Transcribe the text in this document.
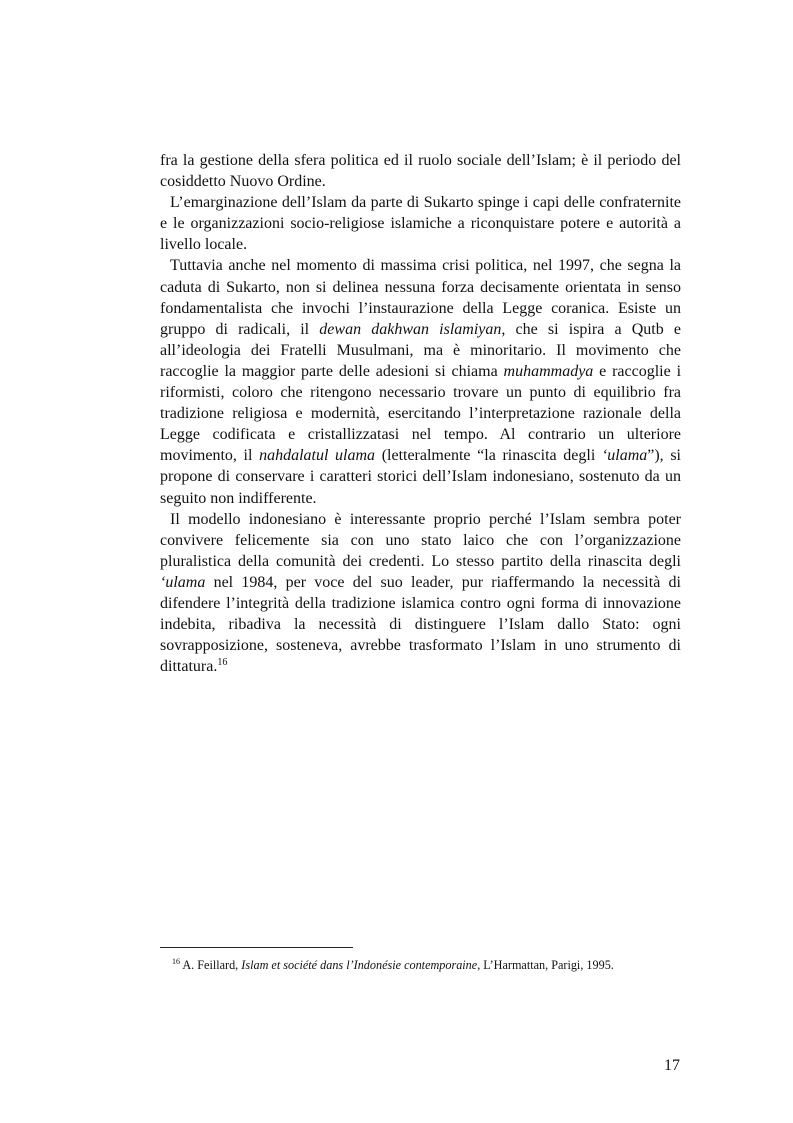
fra la gestione della sfera politica ed il ruolo sociale dell’Islam; è il periodo del cosiddetto Nuovo Ordine.

L’emarginazione dell’Islam da parte di Sukarto spinge i capi delle confraternite e le organizzazioni socio-religiose islamiche a riconquistare potere e autorità a livello locale.

Tuttavia anche nel momento di massima crisi politica, nel 1997, che segna la caduta di Sukarto, non si delinea nessuna forza decisamente orientata in senso fondamentalista che invochi l’instaurazione della Legge coranica. Esiste un gruppo di radicali, il dewan dakhwan islamiyan, che si ispira a Qutb e all’ideologia dei Fratelli Musulmani, ma è minoritario. Il movimento che raccoglie la maggior parte delle adesioni si chiama muhammadya e raccoglie i riformisti, coloro che ritengono necessario trovare un punto di equilibrio fra tradizione religiosa e modernità, esercitando l’interpretazione razionale della Legge codificata e cristallizzatasi nel tempo. Al contrario un ulteriore movimento, il nahdalatul ulama (letteralmente “la rinascita degli ‘ulama”), si propone di conservare i caratteri storici dell’Islam indonesiano, sostenuto da un seguito non indifferente.

Il modello indonesiano è interessante proprio perché l’Islam sembra poter convivere felicemente sia con uno stato laico che con l’organizzazione pluralistica della comunità dei credenti. Lo stesso partito della rinascita degli ‘ulama nel 1984, per voce del suo leader, pur riaffermando la necessità di difendere l’integrità della tradizione islamica contro ogni forma di innovazione indebita, ribadiva la necessità di distinguere l’Islam dallo Stato: ogni sovrapposizione, sosteneva, avrebbe trasformato l’Islam in uno strumento di dittatura.$^{16}$

$^{16}$ A. Feillard, Islam et société dans l’Indonésie contemporaine, L’Harmattan, Parigi, 1995.
17
